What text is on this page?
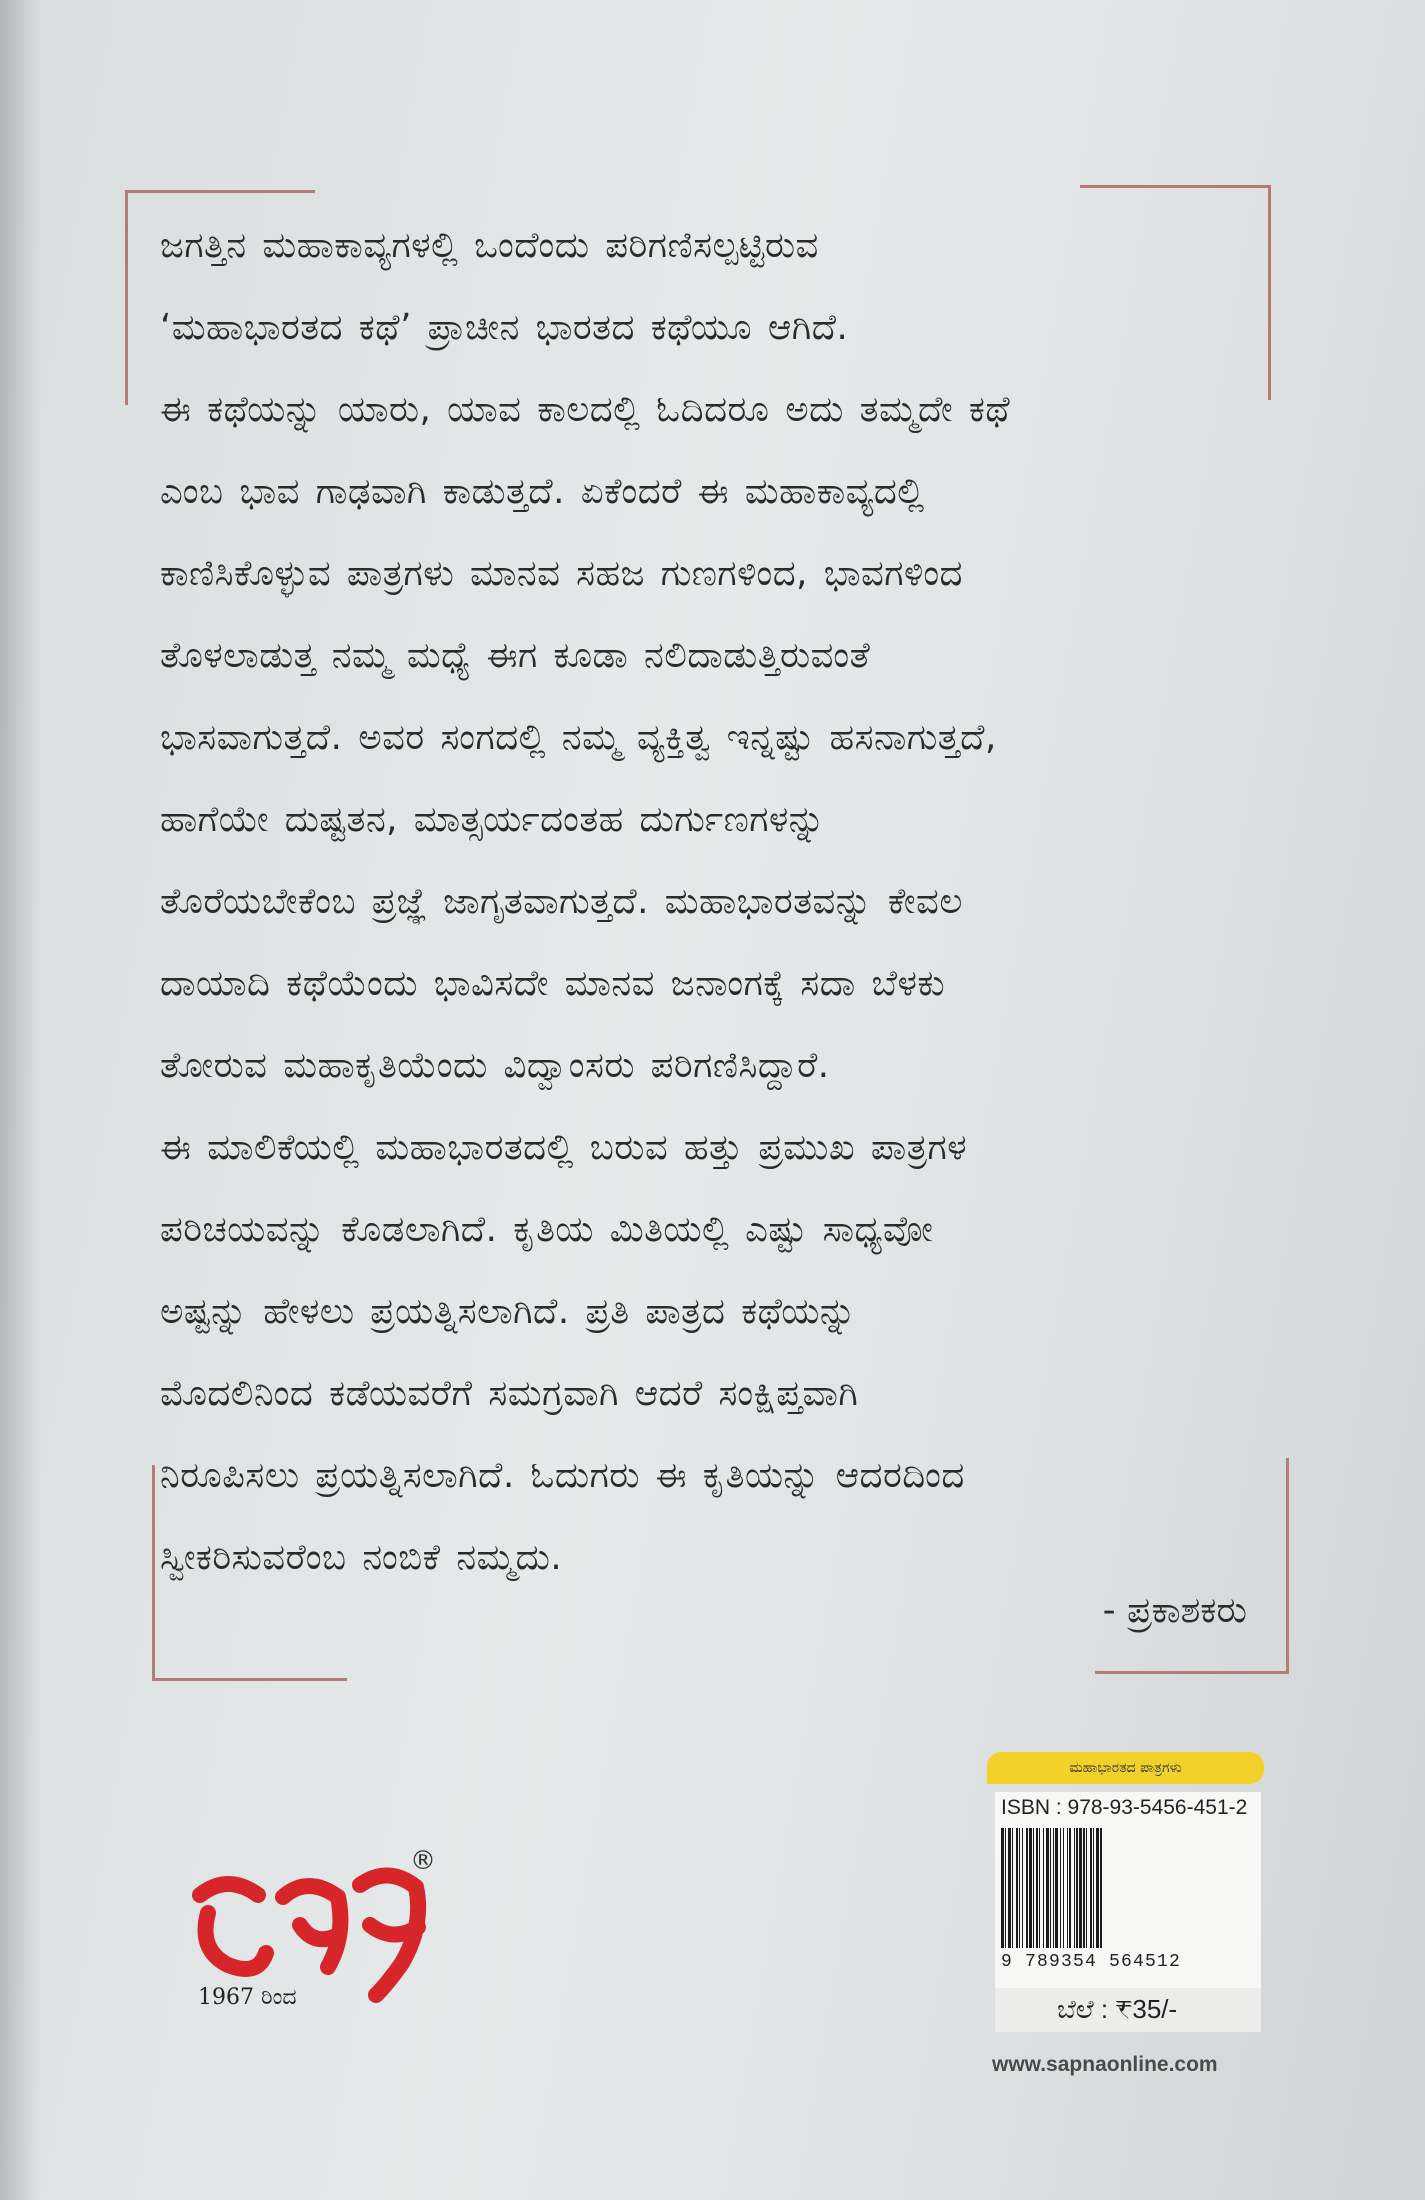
ಜಗತ್ತಿನ ಮಹಾಕಾವ್ಯಗಳಲ್ಲಿ ಒಂದೆಂದು ಪರಿಗಣಿಸಲ್ಪಟ್ಟಿರುವ
‘ಮಹಾಭಾರತದ ಕಥೆ’ ಪ್ರಾಚೀನ ಭಾರತದ ಕಥೆಯೂ ಆಗಿದೆ.
ಈ ಕಥೆಯನ್ನು ಯಾರು, ಯಾವ ಕಾಲದಲ್ಲಿ ಓದಿದರೂ ಅದು ತಮ್ಮದೇ ಕಥೆ
ಎಂಬ ಭಾವ ಗಾಢವಾಗಿ ಕಾಡುತ್ತದೆ. ಏಕೆಂದರೆ ಈ ಮಹಾಕಾವ್ಯದಲ್ಲಿ
ಕಾಣಿಸಿಕೊಳ್ಳುವ ಪಾತ್ರಗಳು ಮಾನವ ಸಹಜ ಗುಣಗಳಿಂದ, ಭಾವಗಳಿಂದ
ತೊಳಲಾಡುತ್ತ ನಮ್ಮ ಮಧ್ಯೆ ಈಗ ಕೂಡಾ ನಲಿದಾಡುತ್ತಿರುವಂತೆ
ಭಾಸವಾಗುತ್ತದೆ. ಅವರ ಸಂಗದಲ್ಲಿ ನಮ್ಮ ವ್ಯಕ್ತಿತ್ವ ಇನ್ನಷ್ಟು ಹಸನಾಗುತ್ತದೆ,
ಹಾಗೆಯೇ ದುಷ್ಟತನ, ಮಾತ್ಸರ್ಯದಂತಹ ದುರ್ಗುಣಗಳನ್ನು
ತೊರೆಯಬೇಕೆಂಬ ಪ್ರಜ್ಞೆ ಜಾಗೃತವಾಗುತ್ತದೆ. ಮಹಾಭಾರತವನ್ನು ಕೇವಲ
ದಾಯಾದಿ ಕಥೆಯೆಂದು ಭಾವಿಸದೇ ಮಾನವ ಜನಾಂಗಕ್ಕೆ ಸದಾ ಬೆಳಕು
ತೋರುವ ಮಹಾಕೃತಿಯೆಂದು ವಿದ್ವಾಂಸರು ಪರಿಗಣಿಸಿದ್ದಾರೆ.
ಈ ಮಾಲಿಕೆಯಲ್ಲಿ ಮಹಾಭಾರತದಲ್ಲಿ ಬರುವ ಹತ್ತು ಪ್ರಮುಖ ಪಾತ್ರಗಳ
ಪರಿಚಯವನ್ನು ಕೊಡಲಾಗಿದೆ. ಕೃತಿಯ ಮಿತಿಯಲ್ಲಿ ಎಷ್ಟು ಸಾಧ್ಯವೋ
ಅಷ್ಟನ್ನು ಹೇಳಲು ಪ್ರಯತ್ನಿಸಲಾಗಿದೆ. ಪ್ರತಿ ಪಾತ್ರದ ಕಥೆಯನ್ನು
ಮೊದಲಿನಿಂದ ಕಡೆಯವರೆಗೆ ಸಮಗ್ರವಾಗಿ ಆದರೆ ಸಂಕ್ಷಿಪ್ತವಾಗಿ
ನಿರೂಪಿಸಲು ಪ್ರಯತ್ನಿಸಲಾಗಿದೆ. ಓದುಗರು ಈ ಕೃತಿಯನ್ನು ಆದರದಿಂದ
ಸ್ವೀಕರಿಸುವರೆಂಬ ನಂಬಿಕೆ ನಮ್ಮದು.
- ಪ್ರಕಾಶಕರು
®
1967 ರಿಂದ
ಮಹಾಭಾರತದ ಪಾತ್ರಗಳು
ISBN : 978-93-5456-451-2
9 789354 564512
ಬೆಲೆ : ₹35/-
www.sapnaonline.com
